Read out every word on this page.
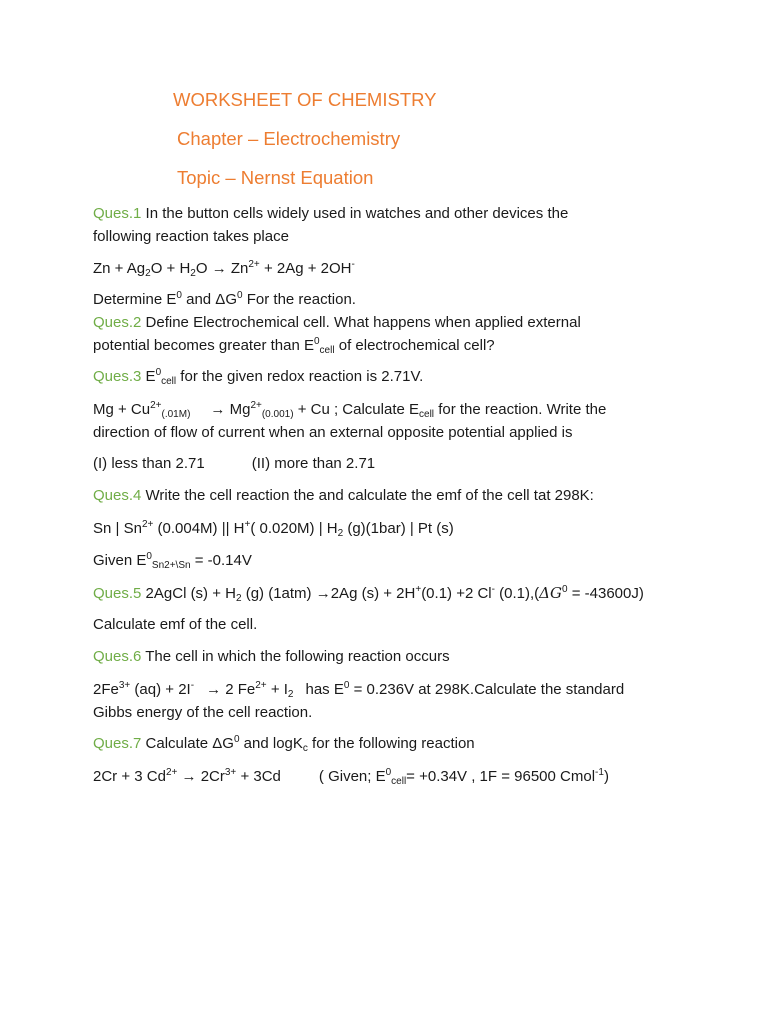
WORKSHEET OF CHEMISTRY
Chapter – Electrochemistry
Topic – Nernst Equation

Ques.1 In the button cells widely used in watches and other devices the

following reaction takes place

$Zn + Ag_2O + H_2O \to Zn^{2+} + 2Ag + 2OH^-$

Determine $E^0$ and $\Delta G^0$ For the reaction.

Ques.2 Define Electrochemical cell. What happens when applied external

potential becomes greater than $E^0_{cell}$ of electrochemical cell?

Ques.3 $E^0_{cell}$ for the given redox reaction is 2.71V.

$Mg + Cu^{2+}_{(.01M)} \to Mg^{2+}_{(0.001)} + Cu$ ; Calculate $E_{cell}$ for the reaction. Write the

direction of flow of current when an external opposite potential applied is

(I) less than 2.71	(II) more than 2.71

Ques.4 Write the cell reaction the and calculate the emf of the cell tat 298K:

Sn | $Sn^{2+}$ (0.004M) || H+( 0.020M) | $H_2$ (g)(1bar) | Pt (s)

Given $E^0_{Sn2+\backslash Sn} = -0.14V$

Ques.5 2AgCl $(s) + H_2$ (g) (1atm) →2Ag (s) + 2H+(0.1) +2 Cl- $(0.1),(\Delta G^0 = -43600J)$

Calculate emf of the cell.

Ques.6 The cell in which the following reaction occurs

$2Fe^{3+}$ (aq) + 2I- → 2 $Fe^{2+} + I_2$ has $E^0 = 0.236V$ at 298K.Calculate the standard

Gibbs energy of the cell reaction.

Ques.7 Calculate $\Delta G^0$ and logK$_c$ for the following reaction

2Cr + 3 $Cd^{2+} \to 2Cr^{3+} + 3Cd$	( Given; $E^0_{cell}= +0.34V$ , 1F = 96500 Cmol$^{-1}$)
